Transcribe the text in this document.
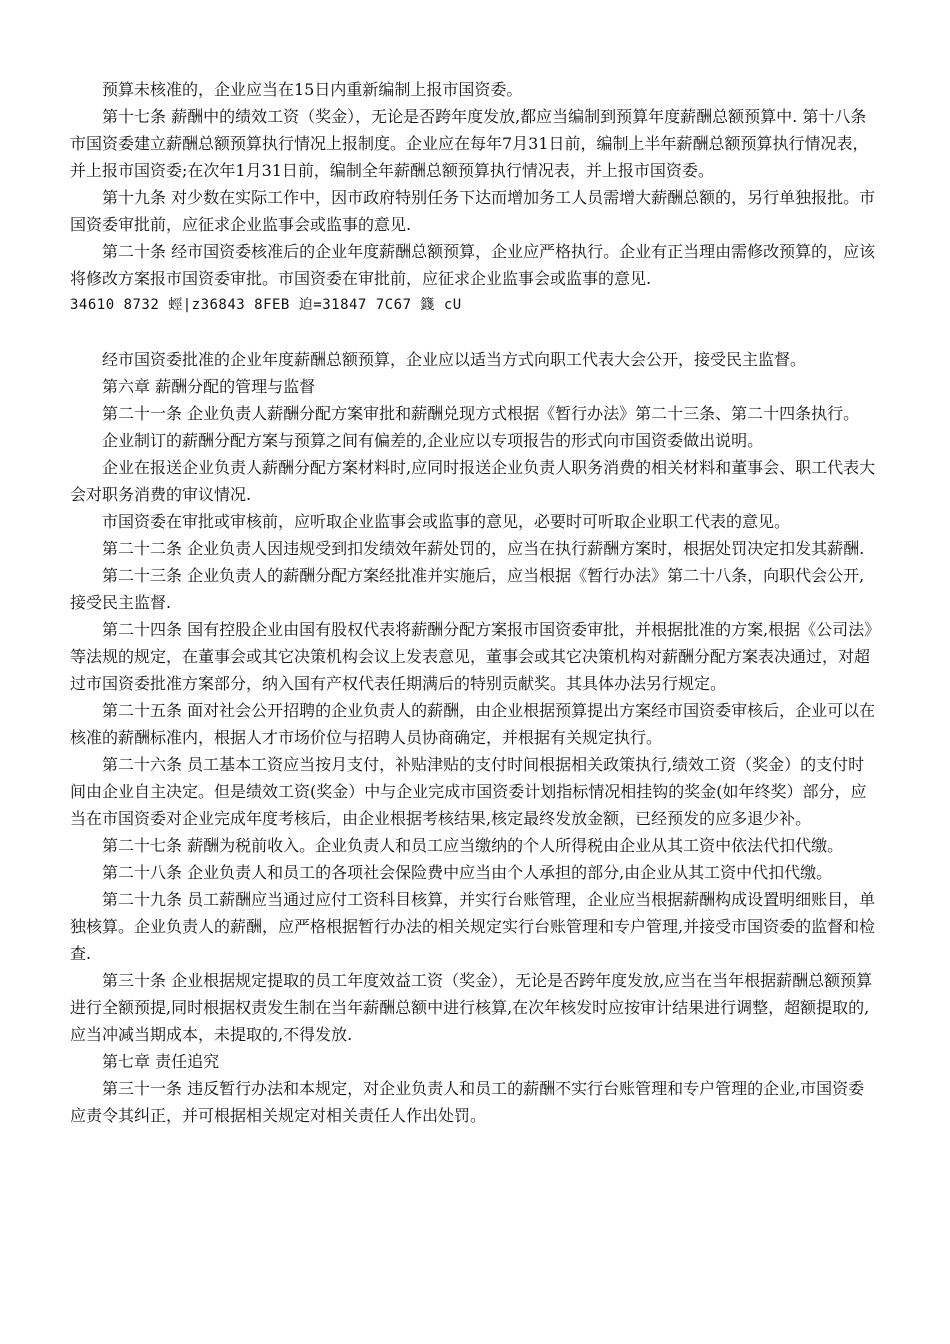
预算未核准的，企业应当在15日内重新编制上报市国资委。

第十七条 薪酬中的绩效工资（奖金），无论是否跨年度发放,都应当编制到预算年度薪酬总额预算中. 第十八条 市国资委建立薪酬总额预算执行情况上报制度。企业应在每年7月31日前，编制上半年薪酬总额预算执行情况表，并上报市国资委;在次年1月31日前，编制全年薪酬总额预算执行情况表，并上报市国资委。

第十九条 对少数在实际工作中，因市政府特别任务下达而增加务工人员需增大薪酬总额的，另行单独报批。市国资委审批前，应征求企业监事会或监事的意见.

第二十条 经市国资委核准后的企业年度薪酬总额预算，企业应严格执行。企业有正当理由需修改预算的，应该将修改方案报市国资委审批。市国资委在审批前，应征求企业监事会或监事的意见.

34610 8732 蛵|z36843 8FEB 迫=31847 7C67 籛 cU

经市国资委批准的企业年度薪酬总额预算，企业应以适当方式向职工代表大会公开，接受民主监督。

第六章 薪酬分配的管理与监督

第二十一条 企业负责人薪酬分配方案审批和薪酬兑现方式根据《暂行办法》第二十三条、第二十四条执行。

企业制订的薪酬分配方案与预算之间有偏差的,企业应以专项报告的形式向市国资委做出说明。

企业在报送企业负责人薪酬分配方案材料时,应同时报送企业负责人职务消费的相关材料和董事会、职工代表大会对职务消费的审议情况.

市国资委在审批或审核前，应听取企业监事会或监事的意见，必要时可听取企业职工代表的意见。

第二十二条 企业负责人因违规受到扣发绩效年薪处罚的，应当在执行薪酬方案时，根据处罚决定扣发其薪酬.

第二十三条 企业负责人的薪酬分配方案经批准并实施后，应当根据《暂行办法》第二十八条，向职代会公开,接受民主监督.

第二十四条 国有控股企业由国有股权代表将薪酬分配方案报市国资委审批，并根据批准的方案,根据《公司法》等法规的规定，在董事会或其它决策机构会议上发表意见，董事会或其它决策机构对薪酬分配方案表决通过，对超过市国资委批准方案部分，纳入国有产权代表任期满后的特别贡献奖。其具体办法另行规定。

第二十五条 面对社会公开招聘的企业负责人的薪酬，由企业根据预算提出方案经市国资委审核后，企业可以在核准的薪酬标准内，根据人才市场价位与招聘人员协商确定，并根据有关规定执行。

第二十六条 员工基本工资应当按月支付，补贴津贴的支付时间根据相关政策执行,绩效工资（奖金）的支付时间由企业自主决定。但是绩效工资(奖金）中与企业完成市国资委计划指标情况相挂钩的奖金(如年终奖）部分，应当在市国资委对企业完成年度考核后，由企业根据考核结果,核定最终发放金额，已经预发的应多退少补。

第二十七条 薪酬为税前收入。企业负责人和员工应当缴纳的个人所得税由企业从其工资中依法代扣代缴。

第二十八条 企业负责人和员工的各项社会保险费中应当由个人承担的部分,由企业从其工资中代扣代缴。

第二十九条 员工薪酬应当通过应付工资科目核算，并实行台账管理，企业应当根据薪酬构成设置明细账目，单独核算。企业负责人的薪酬，应严格根据暂行办法的相关规定实行台账管理和专户管理,并接受市国资委的监督和检查.

第三十条 企业根据规定提取的员工年度效益工资（奖金），无论是否跨年度发放,应当在当年根据薪酬总额预算进行全额预提,同时根据权责发生制在当年薪酬总额中进行核算,在次年核发时应按审计结果进行调整，超额提取的,应当冲减当期成本，未提取的,不得发放.

第七章 责任追究

第三十一条 违反暂行办法和本规定，对企业负责人和员工的薪酬不实行台账管理和专户管理的企业,市国资委应责令其纠正，并可根据相关规定对相关责任人作出处罚。
